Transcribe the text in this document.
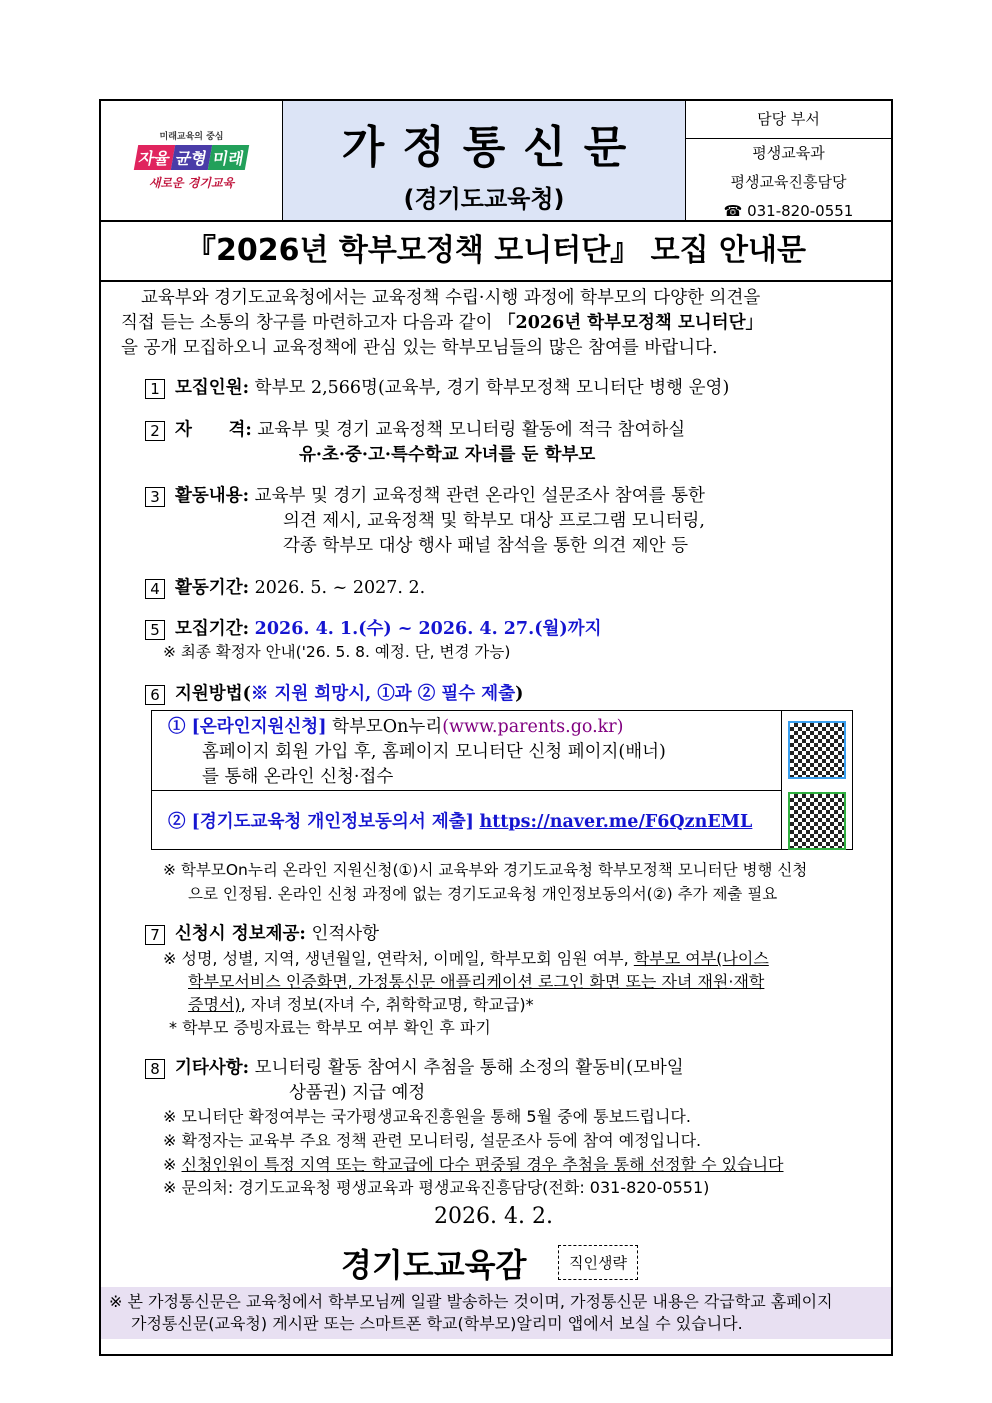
미래교육의 중심
자율 균형 미래
새로운 경기교육
가정통신문
(경기도교육청)
담당 부서
평생교육과
평생교육진흥담당
☎ 031-820-0551
『2026년 학부모정책 모니터단』 모집 안내문
교육부와 경기도교육청에서는 교육정책 수립·시행 과정에 학부모의 다양한 의견을
직접 듣는 소통의 창구를 마련하고자 다음과 같이 「2026년 학부모정책 모니터단」
을 공개 모집하오니 교육정책에 관심 있는 학부모님들의 많은 참여를 바랍니다.
1 모집인원: 학부모 2,566명(교육부, 경기 학부모정책 모니터단 병행 운영)
2 자      격: 교육부 및 경기 교육정책 모니터링 활동에 적극 참여하실
유·초·중·고·특수학교 자녀를 둔 학부모
3 활동내용: 교육부 및 경기 교육정책 관련 온라인 설문조사 참여를 통한
의견 제시, 교육정책 및 학부모 대상 프로그램 모니터링,
각종 학부모 대상 행사 패널 참석을 통한 의견 제안 등
4 활동기간: 2026. 5. ~ 2027. 2.
5 모집기간: 2026. 4. 1.(수) ~ 2026. 4. 27.(월)까지
※ 최종 확정자 안내('26. 5. 8. 예정. 단, 변경 가능)
6 지원방법(※ 지원 희망시, ①과 ② 필수 제출)
① [온라인지원신청] 학부모On누리(www.parents.go.kr)
홈페이지 회원 가입 후, 홈페이지 모니터단 신청 페이지(배너)
를 통해 온라인 신청·접수
② [경기도교육청 개인정보동의서 제출] https://naver.me/F6QznEML
※ 학부모On누리 온라인 지원신청(①)시 교육부와 경기도교육청 학부모정책 모니터단 병행 신청
으로 인정됨. 온라인 신청 과정에 없는 경기도교육청 개인정보동의서(②) 추가 제출 필요
7 신청시 정보제공: 인적사항
※ 성명, 성별, 지역, 생년월일, 연락처, 이메일, 학부모회 임원 여부, 학부모 여부(나이스
학부모서비스 인증화면, 가정통신문 애플리케이션 로그인 화면 또는 자녀 재원·재학
증명서), 자녀 정보(자녀 수, 취학학교명, 학교급)*
* 학부모 증빙자료는 학부모 여부 확인 후 파기
8 기타사항: 모니터링 활동 참여시 추첨을 통해 소정의 활동비(모바일
상품권) 지급 예정
※ 모니터단 확정여부는 국가평생교육진흥원을 통해 5월 중에 통보드립니다.
※ 확정자는 교육부 주요 정책 관련 모니터링, 설문조사 등에 참여 예정입니다.
※ 신청인원이 특정 지역 또는 학교급에 다수 편중될 경우 추첨을 통해 선정할 수 있습니다
※ 문의처: 경기도교육청 평생교육과 평생교육진흥담당(전화: 031-820-0551)
2026. 4. 2.
경기도교육감	직인생략
※ 본 가정통신문은 교육청에서 학부모님께 일괄 발송하는 것이며, 가정통신문 내용은 각급학교 홈페이지
가정통신문(교육청) 게시판 또는 스마트폰 학교(학부모)알리미 앱에서 보실 수 있습니다.
